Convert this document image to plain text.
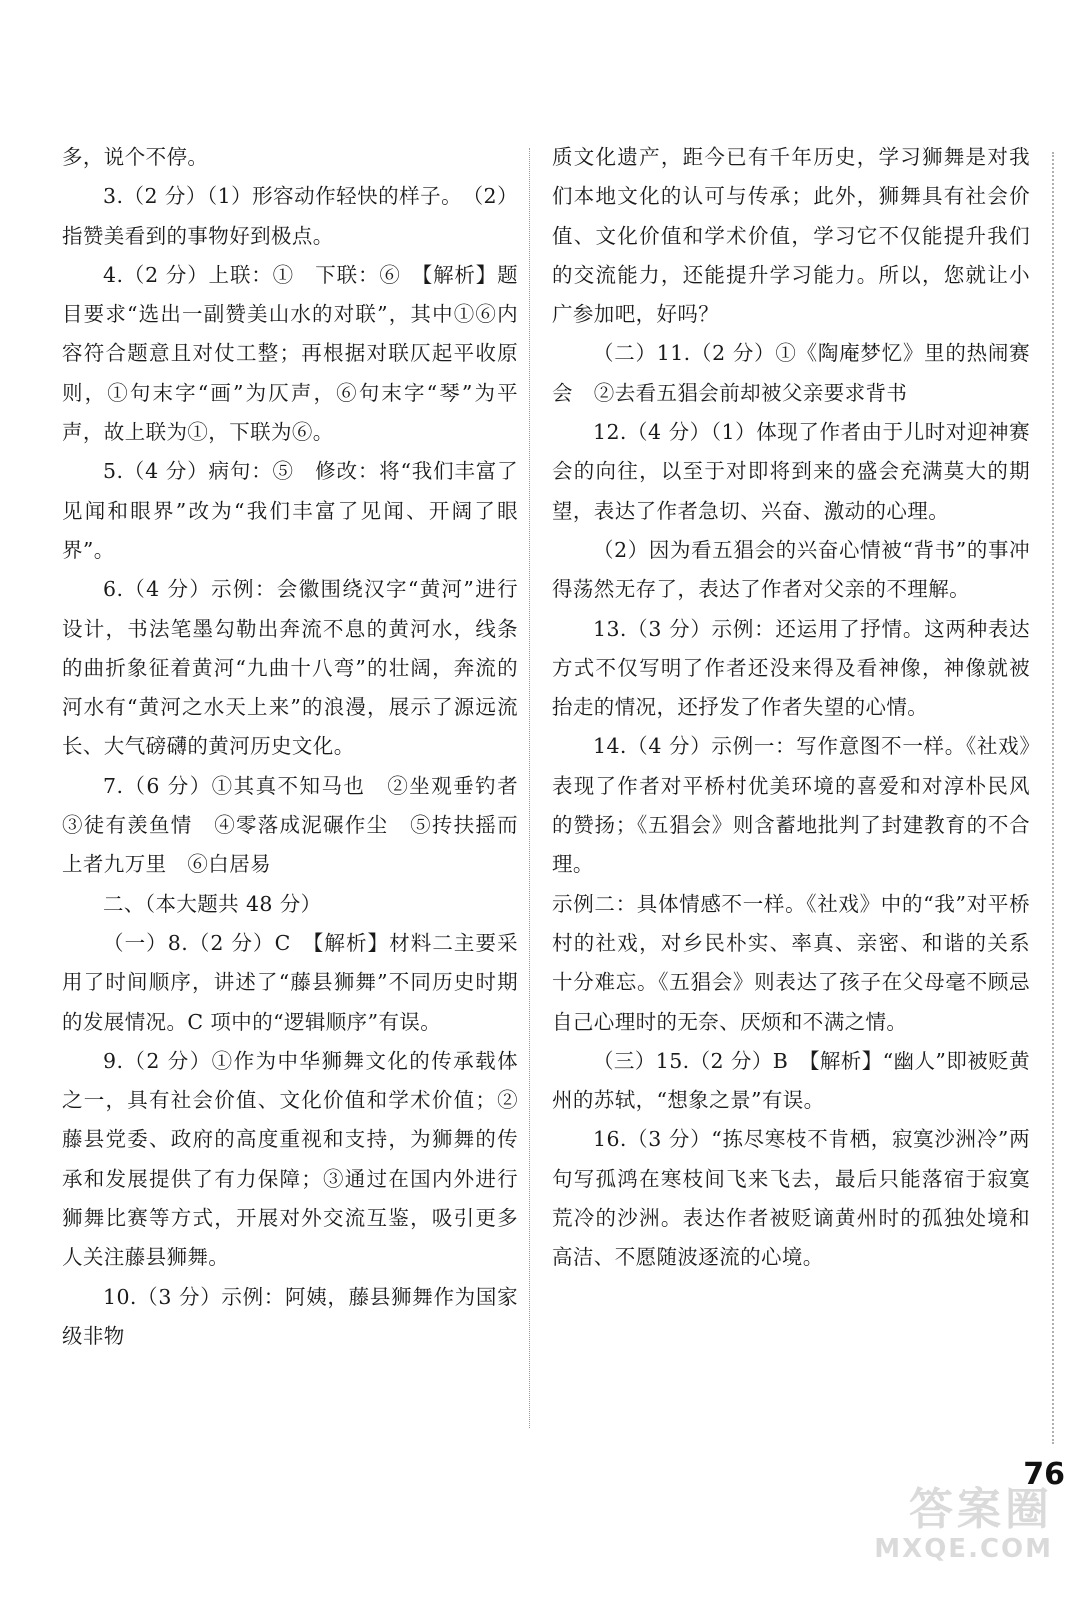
多，说个不停。

3.（2 分）（1）形容动作轻快的样子。　（2）指赞美看到的事物好到极点。

4.（2 分）上联：①　下联：⑥　【解析】题目要求“选出一副赞美山水的对联”，其中①⑥内容符合题意且对仗工整；再根据对联仄起平收原则，①句末字“画”为仄声，⑥句末字“琴”为平声，故上联为①，下联为⑥。

5.（4 分）病句：⑤　修改：将“我们丰富了见闻和眼界”改为“我们丰富了见闻、开阔了眼界”。

6.（4 分）示例：会徽围绕汉字“黄河”进行设计，书法笔墨勾勒出奔流不息的黄河水，线条的曲折象征着黄河“九曲十八弯”的壮阔，奔流的河水有“黄河之水天上来”的浪漫，展示了源远流长、大气磅礴的黄河历史文化。

7.（6 分）①其真不知马也　②坐观垂钓者　③徒有羡鱼情　④零落成泥碾作尘　⑤抟扶摇而上者九万里　⑥白居易

二、（本大题共 48 分）

（一）8.（2 分）C　【解析】材料二主要采用了时间顺序，讲述了“藤县狮舞”不同历史时期的发展情况。C 项中的“逻辑顺序”有误。

9.（2 分）①作为中华狮舞文化的传承载体之一，具有社会价值、文化价值和学术价值；②藤县党委、政府的高度重视和支持，为狮舞的传承和发展提供了有力保障；③通过在国内外进行狮舞比赛等方式，开展对外交流互鉴，吸引更多人关注藤县狮舞。

10.（3 分）示例：阿姨，藤县狮舞作为国家级非物

质文化遗产，距今已有千年历史，学习狮舞是对我们本地文化的认可与传承；此外，狮舞具有社会价值、文化价值和学术价值，学习它不仅能提升我们的交流能力，还能提升学习能力。所以，您就让小广参加吧，好吗？

（二）11.（2 分）①《陶庵梦忆》里的热闹赛会　②去看五猖会前却被父亲要求背书

12.（4 分）（1）体现了作者由于儿时对迎神赛会的向往，以至于对即将到来的盛会充满莫大的期望，表达了作者急切、兴奋、激动的心理。

（2）因为看五猖会的兴奋心情被“背书”的事冲得荡然无存了，表达了作者对父亲的不理解。

13.（3 分）示例：还运用了抒情。这两种表达方式不仅写明了作者还没来得及看神像，神像就被抬走的情况，还抒发了作者失望的心情。

14.（4 分）示例一：写作意图不一样。《社戏》表现了作者对平桥村优美环境的喜爱和对淳朴民风的赞扬；《五猖会》则含蓄地批判了封建教育的不合理。

示例二：具体情感不一样。《社戏》中的“我”对平桥村的社戏，对乡民朴实、率真、亲密、和谐的关系十分难忘。《五猖会》则表达了孩子在父母毫不顾忌自己心理时的无奈、厌烦和不满之情。

（三）15.（2 分）B　【解析】“幽人”即被贬黄州的苏轼，“想象之景”有误。

16.（3 分）“拣尽寒枝不肯栖，寂寞沙洲冷”两句写孤鸿在寒枝间飞来飞去，最后只能落宿于寂寞荒冷的沙洲。表达作者被贬谪黄州时的孤独处境和高洁、不愿随波逐流的心境。

76
答案圈
MXQE.COM
